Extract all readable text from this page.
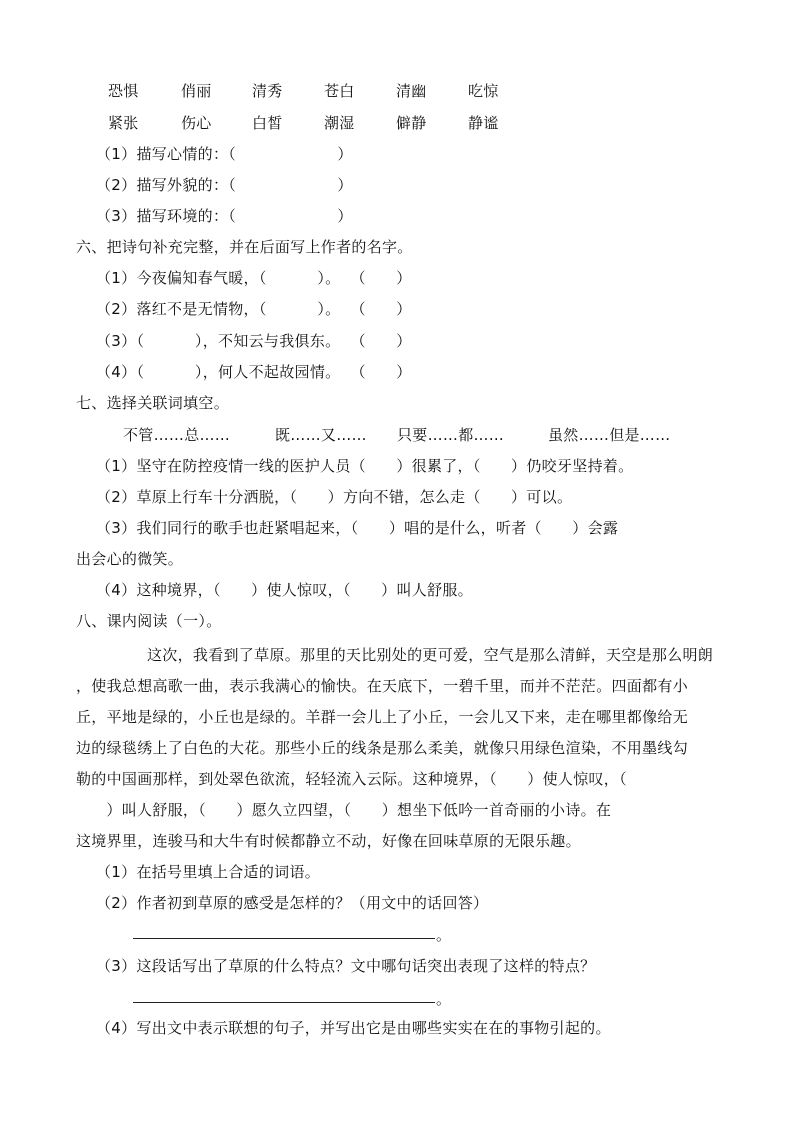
恐惧	俏丽	清秀	苍白	清幽	吃惊
紧张	伤心	白皙	潮湿	僻静	静谧
（1）描写心情的：（                    ）
（2）描写外貌的：（                    ）
（3）描写环境的：（                    ）
六、把诗句补充完整，并在后面写上作者的名字。
（1）今夜偏知春气暖，（          ）。  （      ）
（2）落红不是无情物，（          ）。  （      ）
（3）（          ），不知云与我俱东。  （      ）
（4）（          ），何人不起故园情。  （      ）
七、选择关联词填空。
不管……总……	既……又…… 只要……都……	虽然……但是……
（1）坚守在防控疫情一线的医护人员（      ）很累了，（      ）仍咬牙坚持着。
（2）草原上行车十分洒脱，（      ）方向不错，怎么走（      ）可以。
（3）我们同行的歌手也赶紧唱起来，（      ）唱的是什么，听者（      ）会露
出会心的微笑。
（4）这种境界，（      ）使人惊叹，（      ）叫人舒服。
八、课内阅读（一）。
这次，我看到了草原。那里的天比别处的更可爱，空气是那么清鲜，天空是那么明朗
，使我总想高歌一曲，表示我满心的愉快。在天底下，一碧千里，而并不茫茫。四面都有小
丘，平地是绿的，小丘也是绿的。羊群一会儿上了小丘，一会儿又下来，走在哪里都像给无
边的绿毯绣上了白色的大花。那些小丘的线条是那么柔美，就像只用绿色渲染，不用墨线勾
勒的中国画那样，到处翠色欲流，轻轻流入云际。这种境界，（      ）使人惊叹，（
）叫人舒服，（      ）愿久立四望，（      ）想坐下低吟一首奇丽的小诗。在
这境界里，连骏马和大牛有时候都静立不动，好像在回味草原的无限乐趣。
（1）在括号里填上合适的词语。
（2）作者初到草原的感受是怎样的？（用文中的话回答）
。
（3）这段话写出了草原的什么特点？文中哪句话突出表现了这样的特点？
。
（4）写出文中表示联想的句子，并写出它是由哪些实实在在的事物引起的。
